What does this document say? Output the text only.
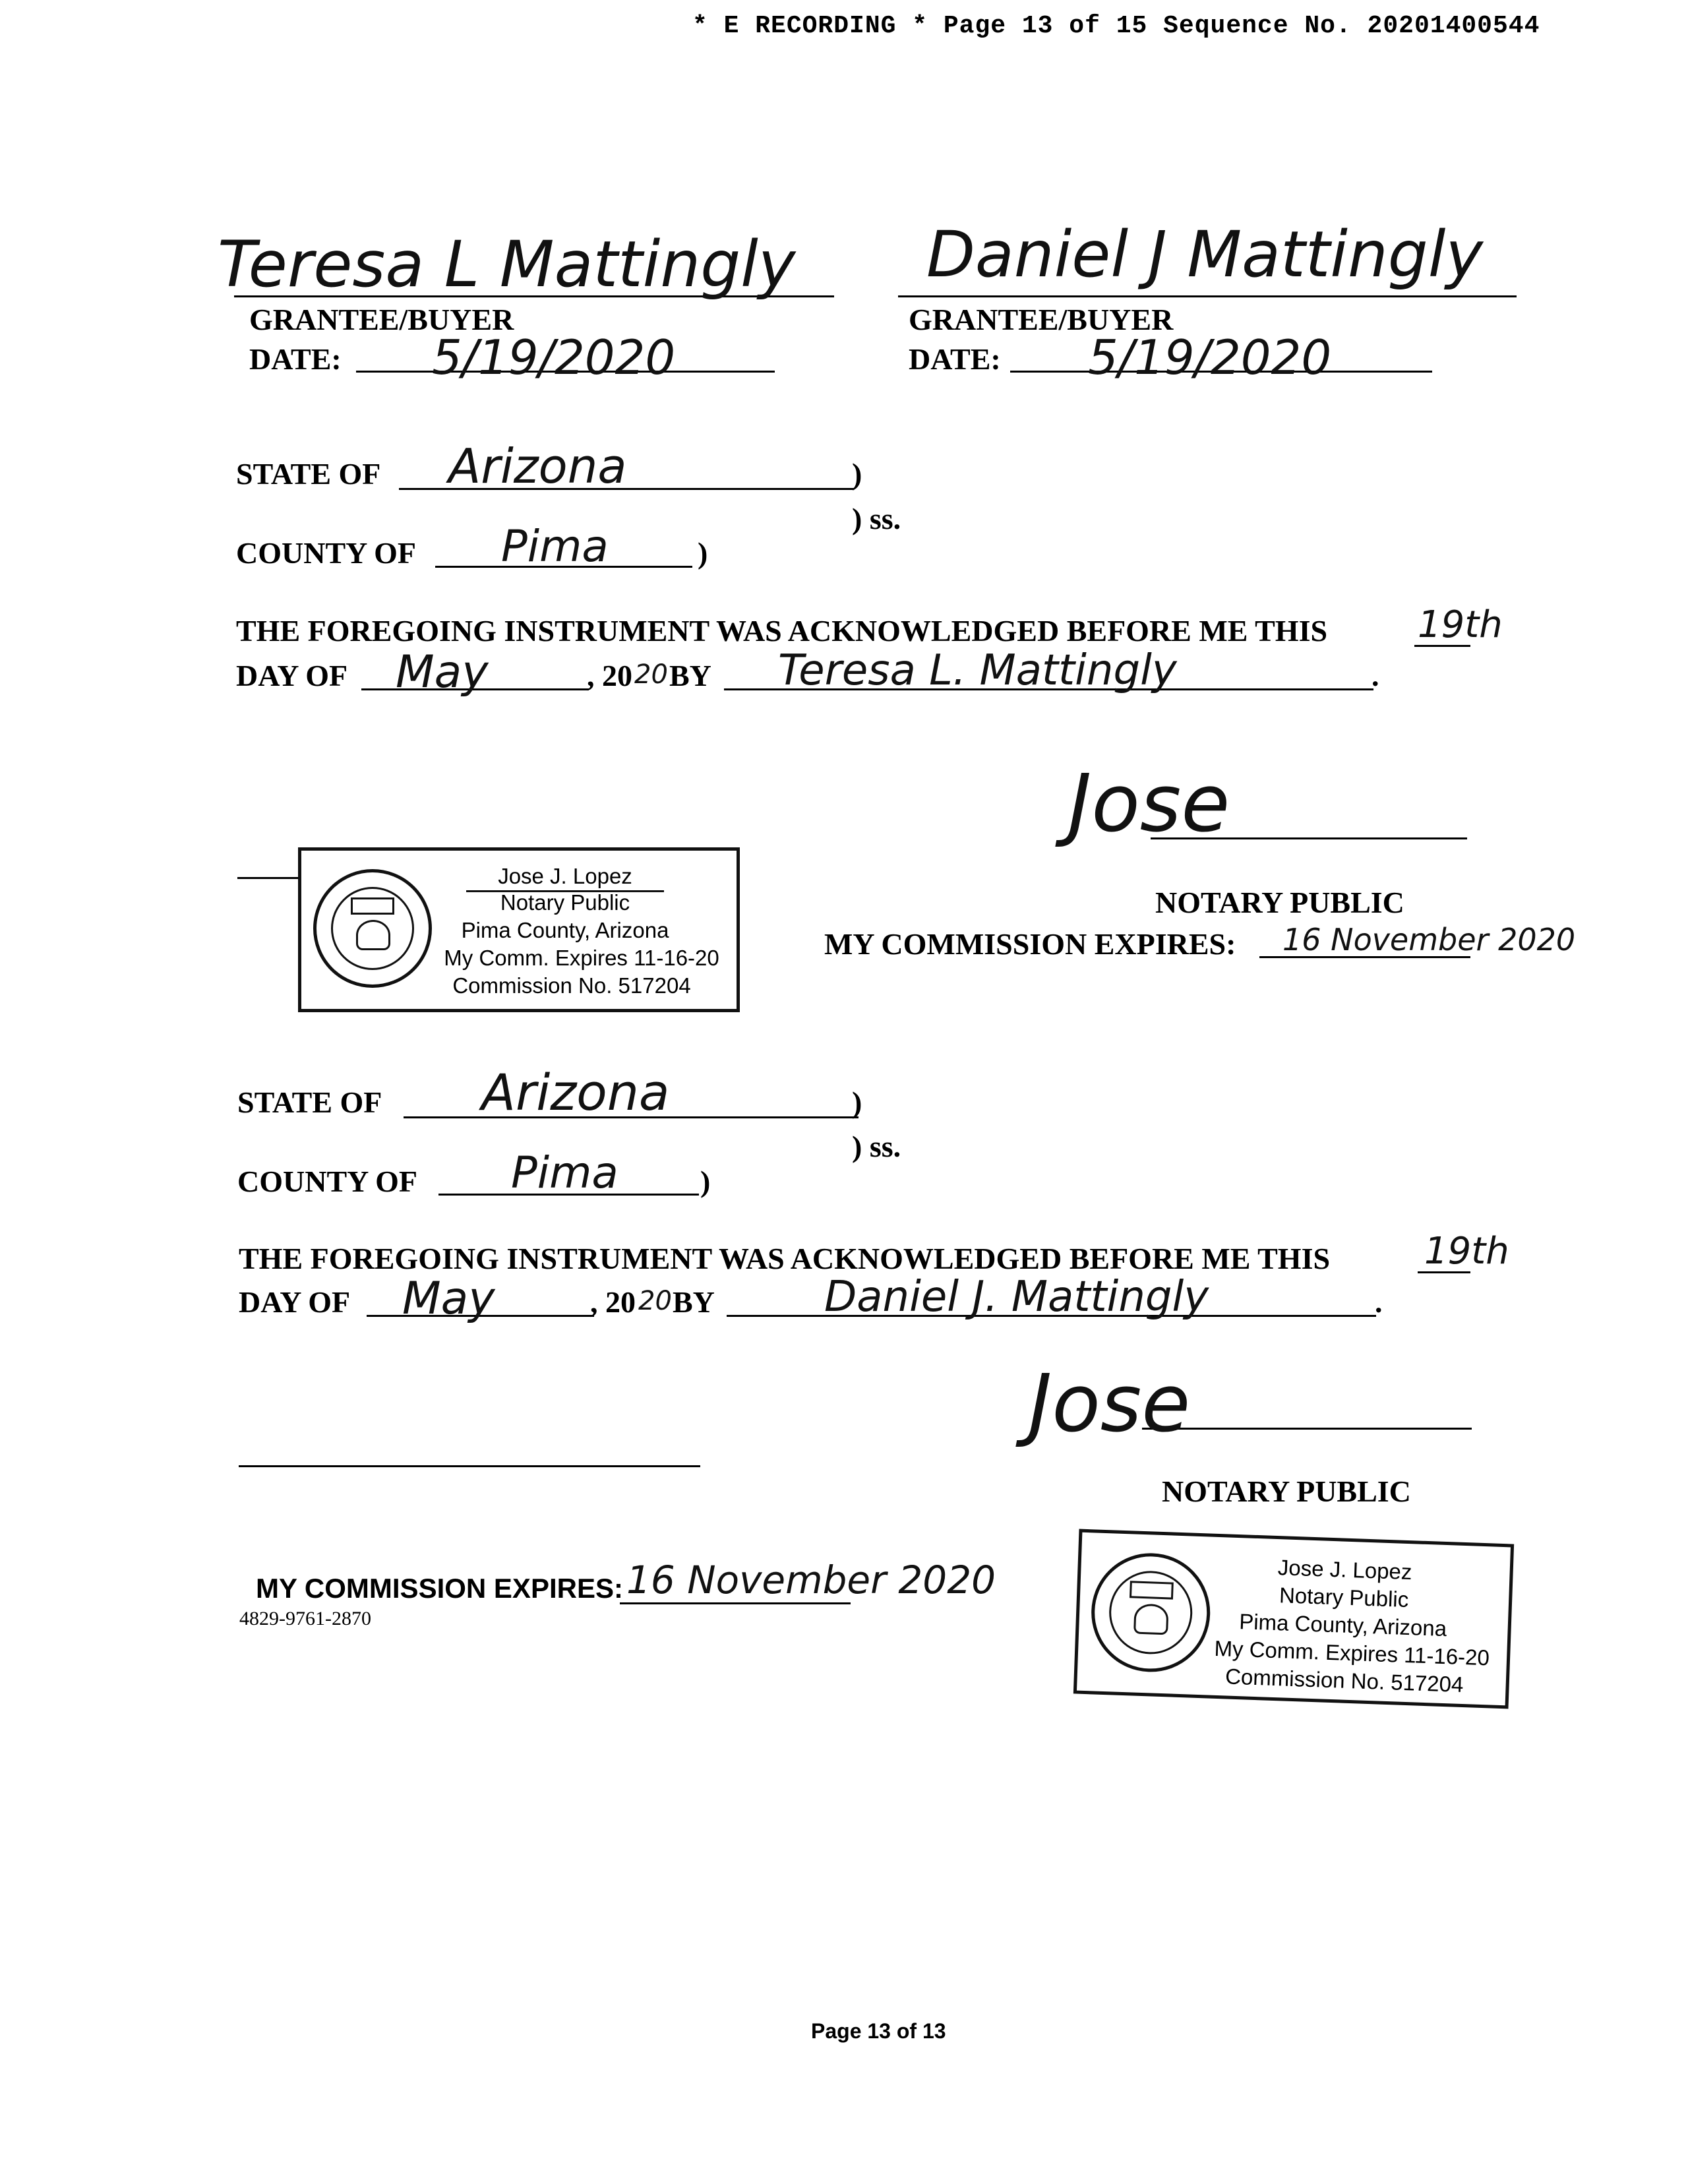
* E RECORDING * Page 13 of 15 Sequence No. 20201400544
Teresa L Mattingly
GRANTEE/BUYER
DATE: 5/19/2020
Daniel J Mattingly
GRANTEE/BUYER
DATE: 5/19/2020
STATE OF Arizona	)
) ss.
COUNTY OF Pima	)
THE FOREGOING INSTRUMENT WAS ACKNOWLEDGED BEFORE ME THIS 19th
DAY OF May	, 20 20 BY Teresa L. Mattingly	.
Jose
NOTARY PUBLIC
MY COMMISSION EXPIRES: 16 November 2020
Jose J. Lopez
Notary Public
Pima County, Arizona
My Comm. Expires 11-16-20
Commission No. 517204
STATE OF Arizona	)
) ss.
COUNTY OF Pima	)
THE FOREGOING INSTRUMENT WAS ACKNOWLEDGED BEFORE ME THIS	19th
DAY OF May	, 20 20 BY	Daniel J. Mattingly	.
Jose
NOTARY PUBLIC
MY COMMISSION EXPIRES: 16 November 2020
4829-9761-2870
Jose J. Lopez
Notary Public
Pima County, Arizona
My Comm. Expires 11-16-20
Commission No. 517204
Page 13 of 13
